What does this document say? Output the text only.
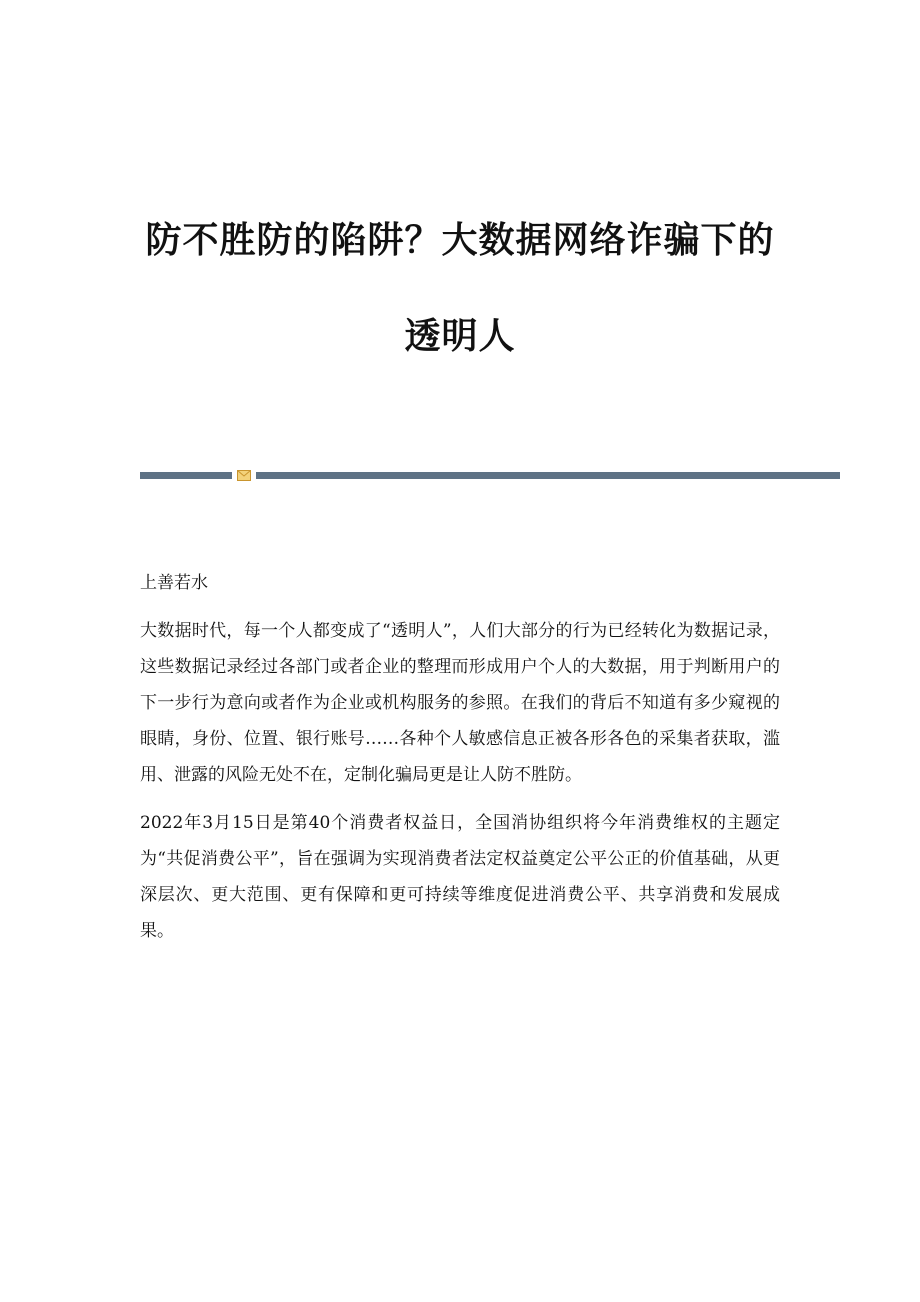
防不胜防的陷阱？大数据网络诈骗下的
透明人

上善若水

大数据时代，每一个人都变成了“透明人”，人们大部分的行为已经转化为数据记录，这些数据记录经过各部门或者企业的整理而形成用户个人的大数据，用于判断用户的下一步行为意向或者作为企业或机构服务的参照。在我们的背后不知道有多少窥视的眼睛，身份、位置、银行账号……各种个人敏感信息正被各形各色的采集者获取，滥用、泄露的风险无处不在，定制化骗局更是让人防不胜防。

2022年3月15日是第40个消费者权益日，全国消协组织将今年消费维权的主题定为“共促消费公平”，旨在强调为实现消费者法定权益奠定公平公正的价值基础，从更深层次、更大范围、更有保障和更可持续等维度促进消费公平、共享消费和发展成果。
